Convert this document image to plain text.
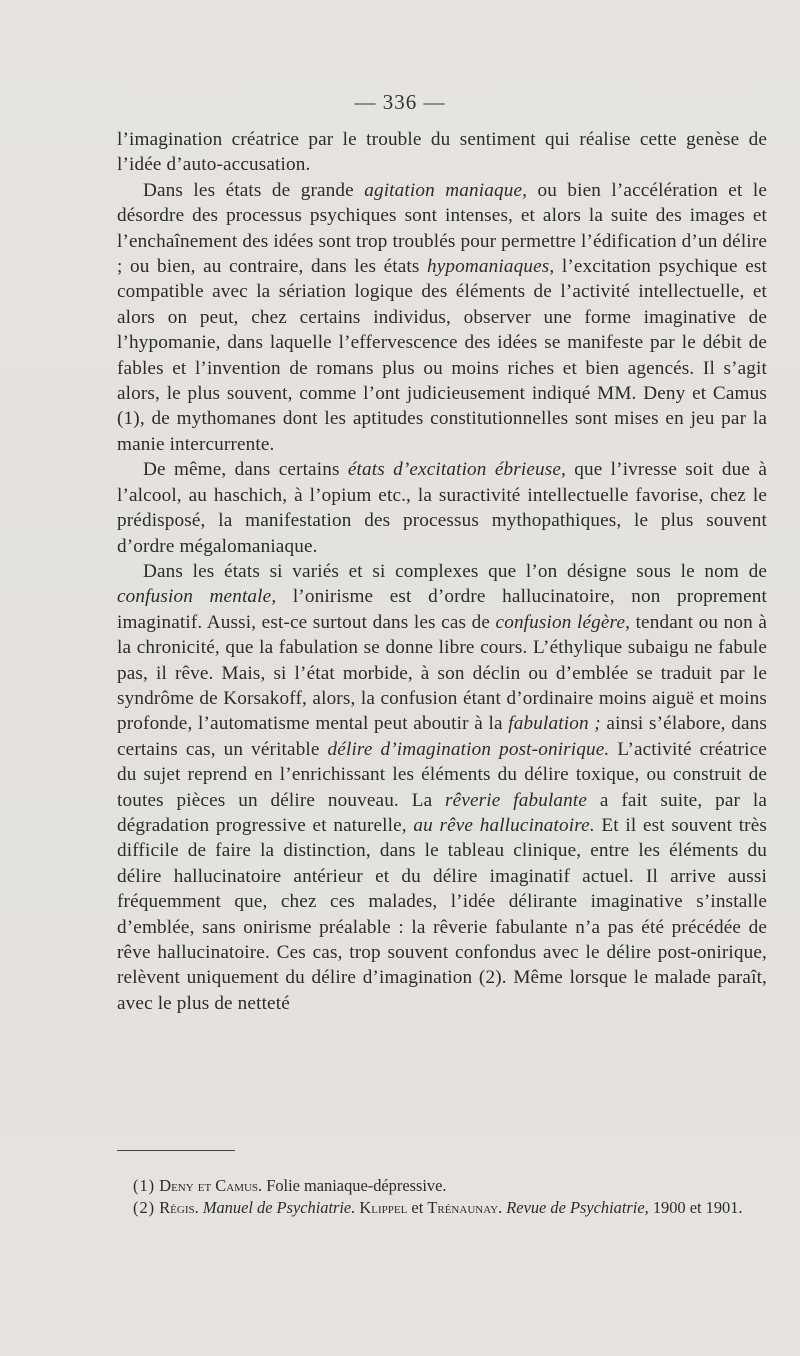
— 336 —

l’imagination créatrice par le trouble du sentiment qui réalise cette genèse de l’idée d’auto-accusation.

Dans les états de grande agitation maniaque, ou bien l’accélération et le désordre des processus psychiques sont intenses, et alors la suite des images et l’enchaînement des idées sont trop troublés pour permettre l’édification d’un délire ; ou bien, au contraire, dans les états hypomaniaques, l’excitation psychique est compatible avec la sériation logique des éléments de l’activité intellectuelle, et alors on peut, chez certains individus, observer une forme imaginative de l’hypomanie, dans laquelle l’effervescence des idées se manifeste par le débit de fables et l’invention de romans plus ou moins riches et bien agencés. Il s’agit alors, le plus souvent, comme l’ont judicieusement indiqué MM. Deny et Camus (1), de mythomanes dont les aptitudes constitutionnelles sont mises en jeu par la manie intercurrente.

De même, dans certains états d’excitation ébrieuse, que l’ivresse soit due à l’alcool, au haschich, à l’opium etc., la suractivité intellectuelle favorise, chez le prédisposé, la manifestation des processus mythopathiques, le plus souvent d’ordre mégalomaniaque.

Dans les états si variés et si complexes que l’on désigne sous le nom de confusion mentale, l’onirisme est d’ordre hallucinatoire, non proprement imaginatif. Aussi, est-ce surtout dans les cas de confusion légère, tendant ou non à la chronicité, que la fabulation se donne libre cours. L’éthylique subaigu ne fabule pas, il rêve. Mais, si l’état morbide, à son déclin ou d’emblée se traduit par le syndrôme de Korsakoff, alors, la confusion étant d’ordinaire moins aiguë et moins profonde, l’automatisme mental peut aboutir à la fabulation ; ainsi s’élabore, dans certains cas, un véritable délire d’imagination post-onirique. L’activité créatrice du sujet reprend en l’enrichissant les éléments du délire toxique, ou construit de toutes pièces un délire nouveau. La rêverie fabulante a fait suite, par la dégradation progressive et naturelle, au rêve hallucinatoire. Et il est souvent très difficile de faire la distinction, dans le tableau clinique, entre les éléments du délire hallucinatoire antérieur et du délire imaginatif actuel. Il arrive aussi fréquemment que, chez ces malades, l’idée délirante imaginative s’installe d’emblée, sans onirisme préalable : la rêverie fabulante n’a pas été précédée de rêve hallucinatoire. Ces cas, trop souvent confondus avec le délire post-onirique, relèvent uniquement du délire d’imagination (2). Même lorsque le malade paraît, avec le plus de netteté

(1) Deny et Camus. Folie maniaque-dépressive.

(2) Régis. Manuel de Psychiatrie. Klippel et Trénaunay. Revue de Psychiatrie, 1900 et 1901.
